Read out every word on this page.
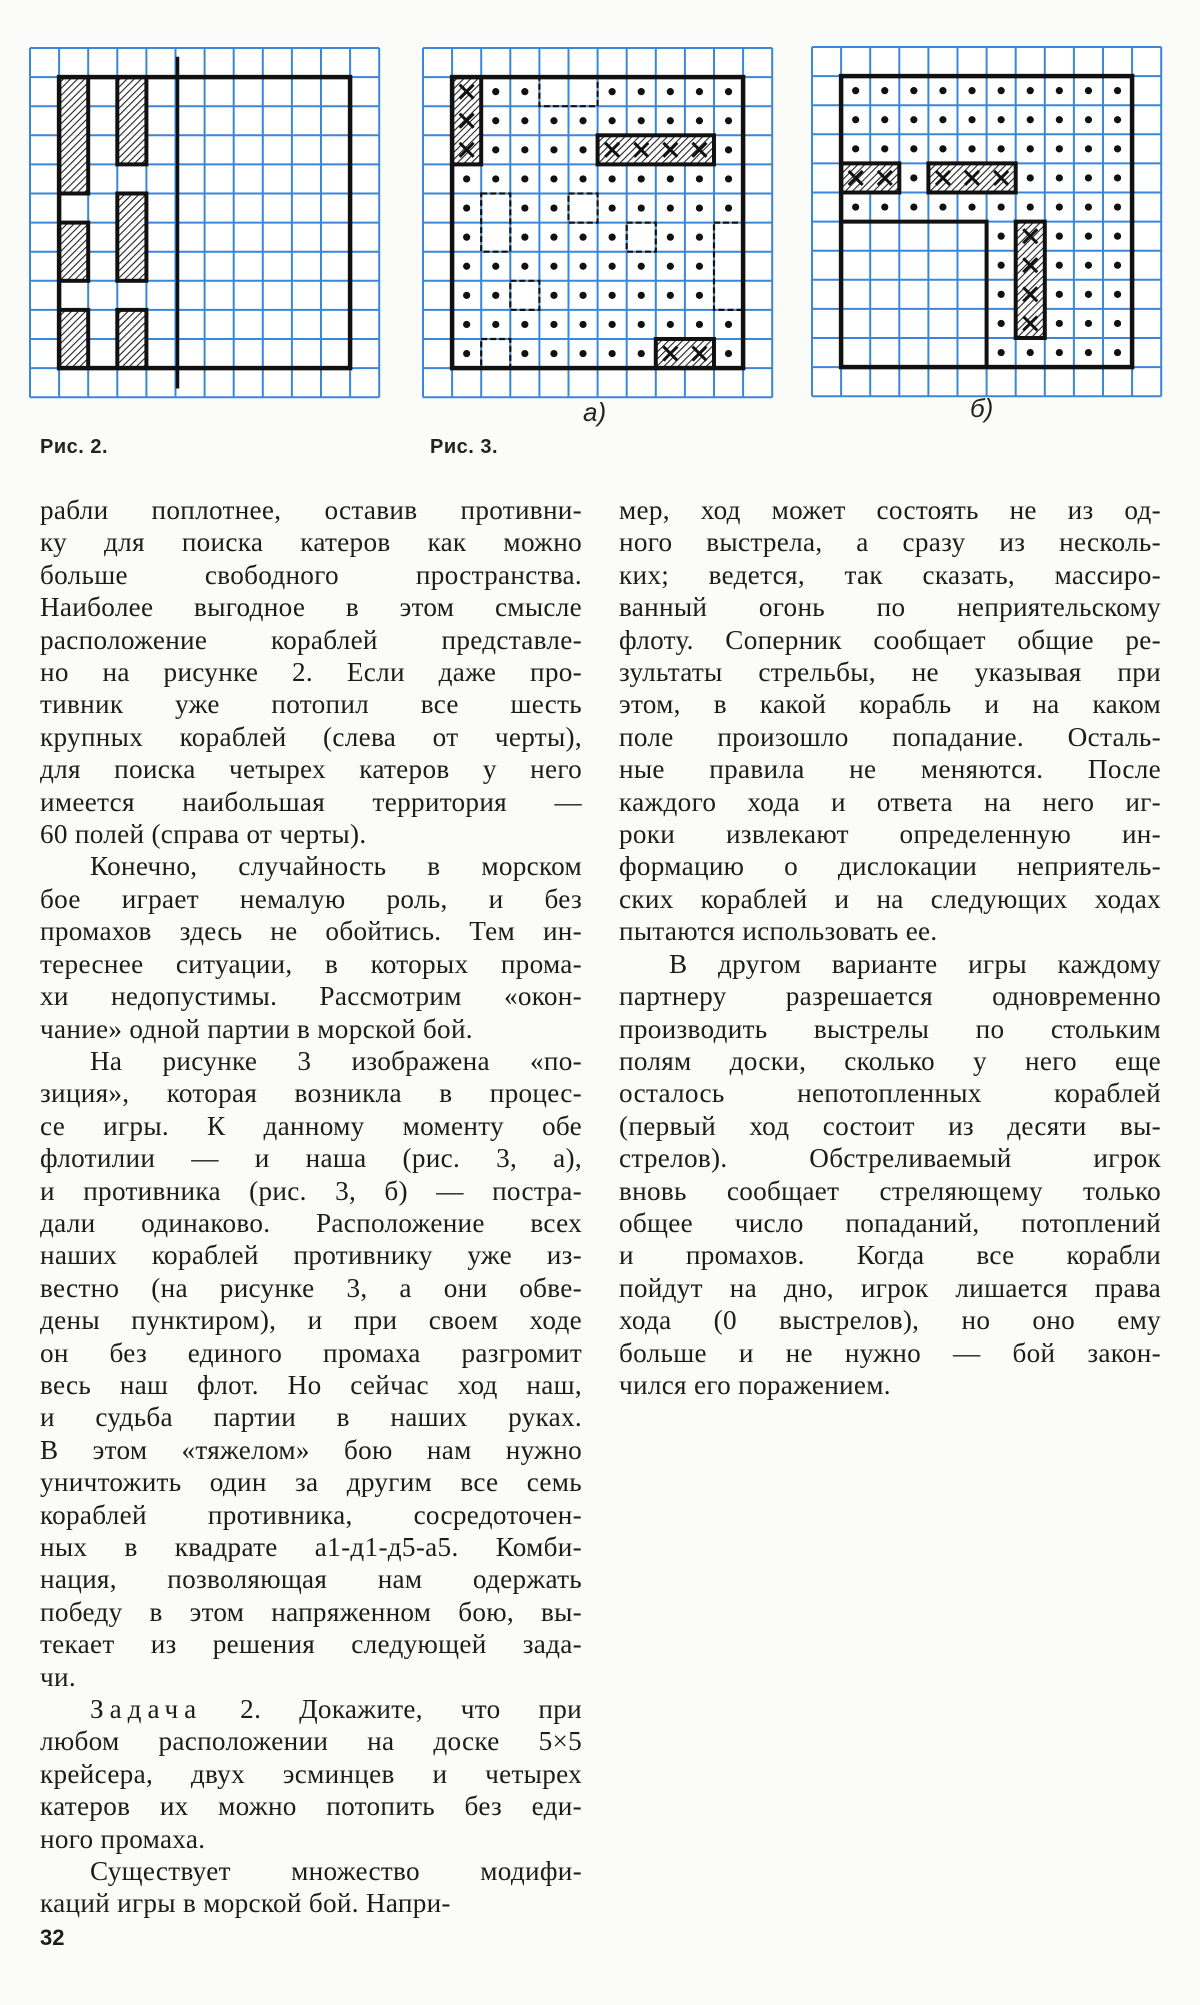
Рис. 2.
а)
Рис. 3.
б)
рабли поплотнее, оставив противни-
ку для поиска катеров как можно
больше свободного пространства.
Наиболее выгодное в этом смысле
расположение кораблей представле-
но на рисунке 2. Если даже про-
тивник уже потопил все шесть
крупных кораблей (слева от черты),
для поиска четырех катеров у него
имеется наибольшая территория —
60 полей (справа от черты).
Конечно, случайность в морском
бое играет немалую роль, и без
промахов здесь не обойтись. Тем ин-
тереснее ситуации, в которых прома-
хи недопустимы. Рассмотрим «окон-
чание» одной партии в морской бой.
На рисунке 3 изображена «по-
зиция», которая возникла в процес-
се игры. К данному моменту обе
флотилии — и наша (рис. 3, а),
и противника (рис. 3, б) — постра-
дали одинаково. Расположение всех
наших кораблей противнику уже из-
вестно (на рисунке 3, а они обве-
дены пунктиром), и при своем ходе
он без единого промаха разгромит
весь наш флот. Но сейчас ход наш,
и судьба партии в наших руках.
В этом «тяжелом» бою нам нужно
уничтожить один за другим все семь
кораблей противника, сосредоточен-
ных в квадрате а1-д1-д5-а5. Комби-
нация, позволяющая нам одержать
победу в этом напряженном бою, вы-
текает из решения следующей зада-
чи.
Задача 2. Докажите, что при
любом расположении на доске 5×5
крейсера, двух эсминцев и четырех
катеров их можно потопить без еди-
ного промаха.
Существует множество модифи-
каций игры в морской бой. Напри-
мер, ход может состоять не из од-
ного выстрела, а сразу из несколь-
ких; ведется, так сказать, массиро-
ванный огонь по неприятельскому
флоту. Соперник сообщает общие ре-
зультаты стрельбы, не указывая при
этом, в какой корабль и на каком
поле произошло попадание. Осталь-
ные правила не меняются. После
каждого хода и ответа на него иг-
роки извлекают определенную ин-
формацию о дислокации неприятель-
ских кораблей и на следующих ходах
пытаются использовать ее.
В другом варианте игры каждому
партнеру разрешается одновременно
производить выстрелы по стольким
полям доски, сколько у него еще
осталось непотопленных кораблей
(первый ход состоит из десяти вы-
стрелов). Обстреливаемый игрок
вновь сообщает стреляющему только
общее число попаданий, потоплений
и промахов. Когда все корабли
пойдут на дно, игрок лишается права
хода (0 выстрелов), но оно ему
больше и не нужно — бой закон-
чился его поражением.
32
